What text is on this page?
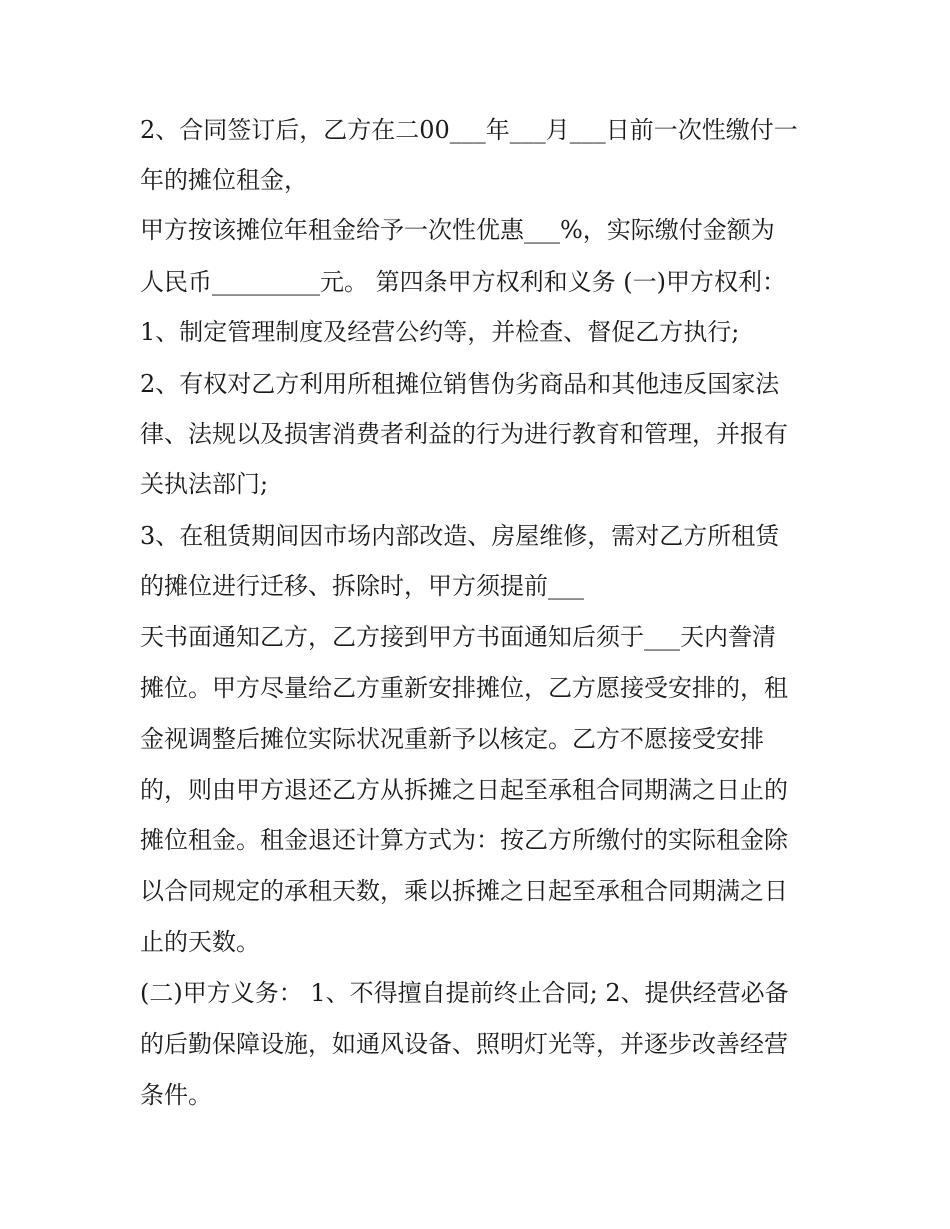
2、合同签订后，乙方在二00___年___月___日前一次性缴付一
年的摊位租金，
甲方按该摊位年租金给予一次性优惠___%，实际缴付金额为
人民币_________元。 第四条甲方权利和义务 (一)甲方权利：
1、制定管理制度及经营公约等，并检查、督促乙方执行;
2、有权对乙方利用所租摊位销售伪劣商品和其他违反国家法
律、法规以及损害消费者利益的行为进行教育和管理，并报有
关执法部门;
3、在租赁期间因市场内部改造、房屋维修，需对乙方所租赁
的摊位进行迁移、拆除时，甲方须提前___
天书面通知乙方，乙方接到甲方书面通知后须于___天内誊清
摊位。甲方尽量给乙方重新安排摊位，乙方愿接受安排的，租
金视调整后摊位实际状况重新予以核定。乙方不愿接受安排
的，则由甲方退还乙方从拆摊之日起至承租合同期满之日止的
摊位租金。租金退还计算方式为：按乙方所缴付的实际租金除
以合同规定的承租天数，乘以拆摊之日起至承租合同期满之日
止的天数。
(二)甲方义务： 1、不得擅自提前终止合同; 2、提供经营必备
的后勤保障设施，如通风设备、照明灯光等，并逐步改善经营
条件。
